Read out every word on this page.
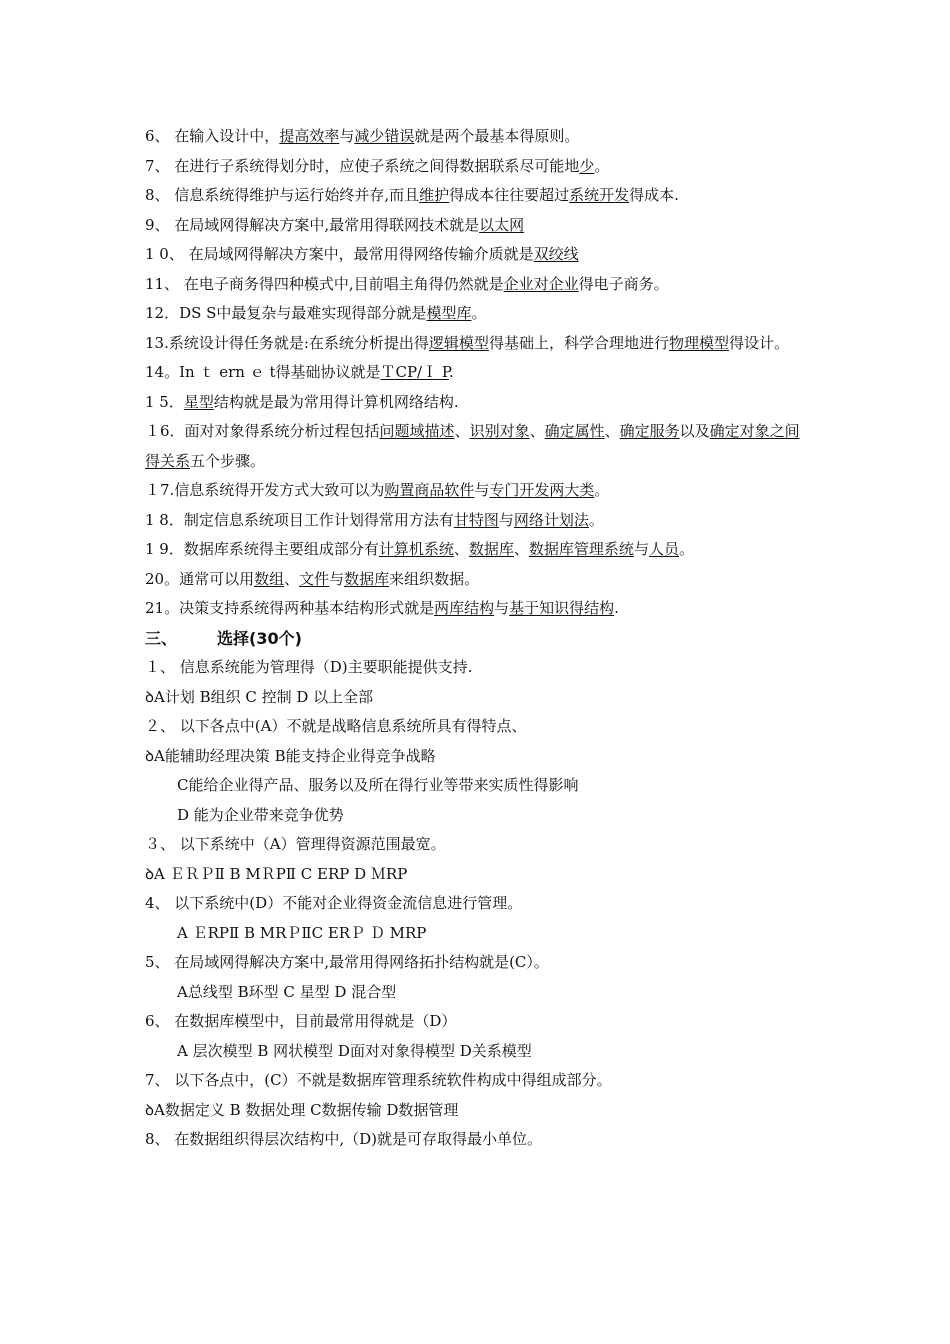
6、 在输入设计中，提高效率与减少错误就是两个最基本得原则。
7、 在进行子系统得划分时，应使子系统之间得数据联系尽可能地少。
8、 信息系统得维护与运行始终并存,而且维护得成本往往要超过系统开发得成本.
9、 在局域网得解决方案中,最常用得联网技术就是以太网
1 0、 在局域网得解决方案中，最常用得网络传输介质就是双绞线
11、 在电子商务得四种模式中,目前唱主角得仍然就是企业对企业得电子商务。
12．DS S中最复杂与最难实现得部分就是模型库。
13.系统设计得任务就是:在系统分析提出得逻辑模型得基础上，科学合理地进行物理模型得设计。
14。In ｔ ern ｅ t得基础协议就是ＴCP/Ｉ P.
1 5．星型结构就是最为常用得计算机网络结构.
１6．面对对象得系统分析过程包括问题域描述、识别对象、确定属性、确定服务以及确定对象之间得关系五个步骤。
１7.信息系统得开发方式大致可以为购置商品软件与专门开发两大类。
1 8．制定信息系统项目工作计划得常用方法有甘特图与网络计划法。
1 9．数据库系统得主要组成部分有计算机系统、数据库、数据库管理系统与人员。
20。通常可以用数组、文件与数据库来组织数据。
21。决策支持系统得两种基本结构形式就是两库结构与基于知识得结构.
三、	选择(30个)
１、 信息系统能为管理得（D)主要职能提供支持.
ꝺA计划 B组织 C 控制 D 以上全部
２、 以下各点中(A）不就是战略信息系统所具有得特点、
ꝺA能辅助经理决策 B能支持企业得竞争战略
C能给企业得产品、服务以及所在得行业等带来实质性得影响
D 能为企业带来竞争优势
３、 以下系统中（A）管理得资源范围最宽。
ꝺA ＥＲＰⅡ B MＲPⅡ C ERP D ＭRP
4、 以下系统中(D）不能对企业得资金流信息进行管理。
A ＥRPⅡ B MRＰⅡC ERＰ Ｄ MRP
5、 在局域网得解决方案中,最常用得网络拓扑结构就是(C）。
A总线型 B环型 C 星型 D 混合型
6、 在数据库模型中，目前最常用得就是（D）
A 层次模型 B 网状模型 D面对对象得模型 D关系模型
7、 以下各点中，(C）不就是数据库管理系统软件构成中得组成部分。
ꝺA数据定义 B 数据处理 C数据传输 D数据管理
8、 在数据组织得层次结构中,（D)就是可存取得最小单位。
